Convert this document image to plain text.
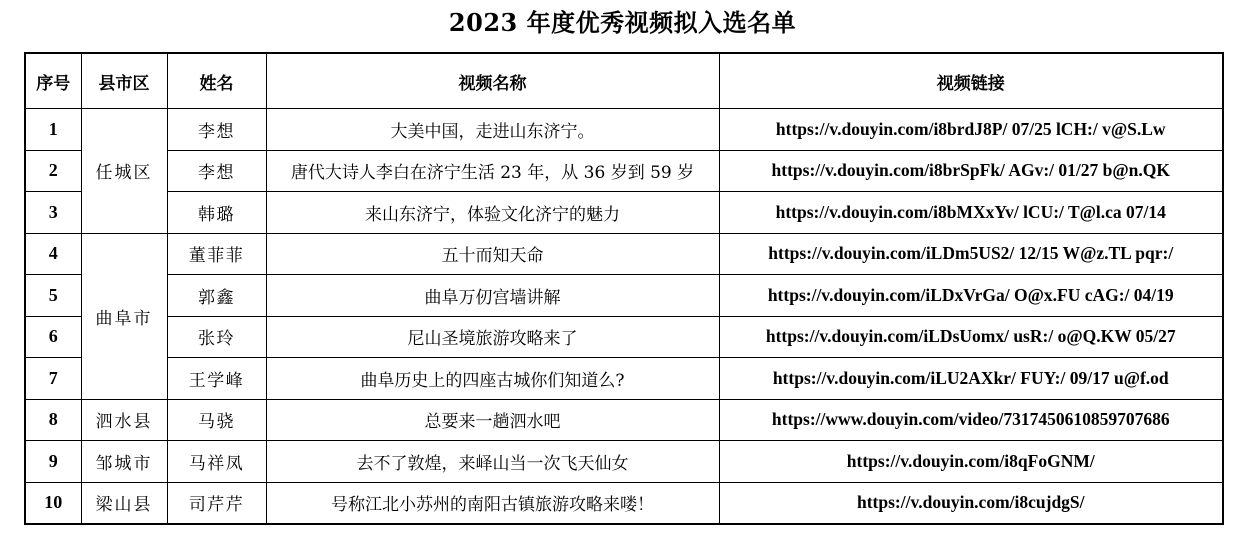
2023 年度优秀视频拟入选名单
序号	县市区	姓名	视频名称	视频链接
1	任城区	李想	大美中国，走进山东济宁。	https://v.douyin.com/i8brdJ8P/ 07/25 lCH:/ v@S.Lw
2		李想	唐代大诗人李白在济宁生活 23 年，从 36 岁到 59 岁	https://v.douyin.com/i8brSpFk/ AGv:/ 01/27 b@n.QK
3		韩璐	来山东济宁，体验文化济宁的魅力	https://v.douyin.com/i8bMXxYv/ lCU:/ T@l.ca 07/14
4	曲阜市	董菲菲	五十而知天命	https://v.douyin.com/iLDm5US2/ 12/15 W@z.TL pqr:/
5		郭鑫	曲阜万仞宫墙讲解	https://v.douyin.com/iLDxVrGa/ O@x.FU cAG:/ 04/19
6		张玲	尼山圣境旅游攻略来了	https://v.douyin.com/iLDsUomx/ usR:/ o@Q.KW 05/27
7		王学峰	曲阜历史上的四座古城你们知道么?	https://v.douyin.com/iLU2AXkr/ FUY:/ 09/17 u@f.od
8	泗水县	马骁	总要来一趟泗水吧	https://www.douyin.com/video/7317450610859707686
9	邹城市	马祥凤	去不了敦煌，来峄山当一次飞天仙女	https://v.douyin.com/i8qFoGNM/
10	梁山县	司芹芹	号称江北小苏州的南阳古镇旅游攻略来喽！	https://v.douyin.com/i8cujdgS/
